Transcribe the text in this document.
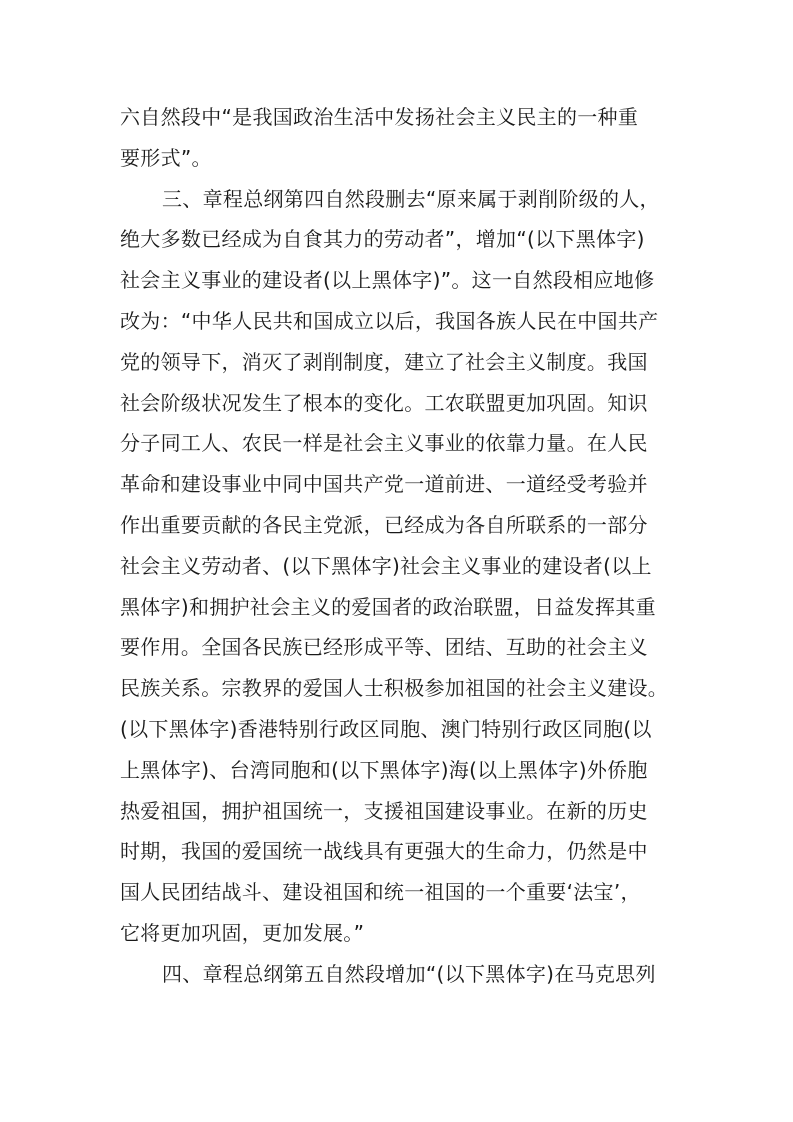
六自然段中“是我国政治生活中发扬社会主义民主的一种重
要形式”。
三、章程总纲第四自然段删去“原来属于剥削阶级的人，
绝大多数已经成为自食其力的劳动者”，增加“(以下黑体字)
社会主义事业的建设者(以上黑体字)”。这一自然段相应地修
改为：“中华人民共和国成立以后，我国各族人民在中国共产
党的领导下，消灭了剥削制度，建立了社会主义制度。我国
社会阶级状况发生了根本的变化。工农联盟更加巩固。知识
分子同工人、农民一样是社会主义事业的依靠力量。在人民
革命和建设事业中同中国共产党一道前进、一道经受考验并
作出重要贡献的各民主党派，已经成为各自所联系的一部分
社会主义劳动者、(以下黑体字)社会主义事业的建设者(以上
黑体字)和拥护社会主义的爱国者的政治联盟，日益发挥其重
要作用。全国各民族已经形成平等、团结、互助的社会主义
民族关系。宗教界的爱国人士积极参加祖国的社会主义建设。
(以下黑体字)香港特别行政区同胞、澳门特别行政区同胞(以
上黑体字)、台湾同胞和(以下黑体字)海(以上黑体字)外侨胞
热爱祖国，拥护祖国统一，支援祖国建设事业。在新的历史
时期，我国的爱国统一战线具有更强大的生命力，仍然是中
国人民团结战斗、建设祖国和统一祖国的一个重要‘法宝’，
它将更加巩固，更加发展。”
四、章程总纲第五自然段增加“(以下黑体字)在马克思列
